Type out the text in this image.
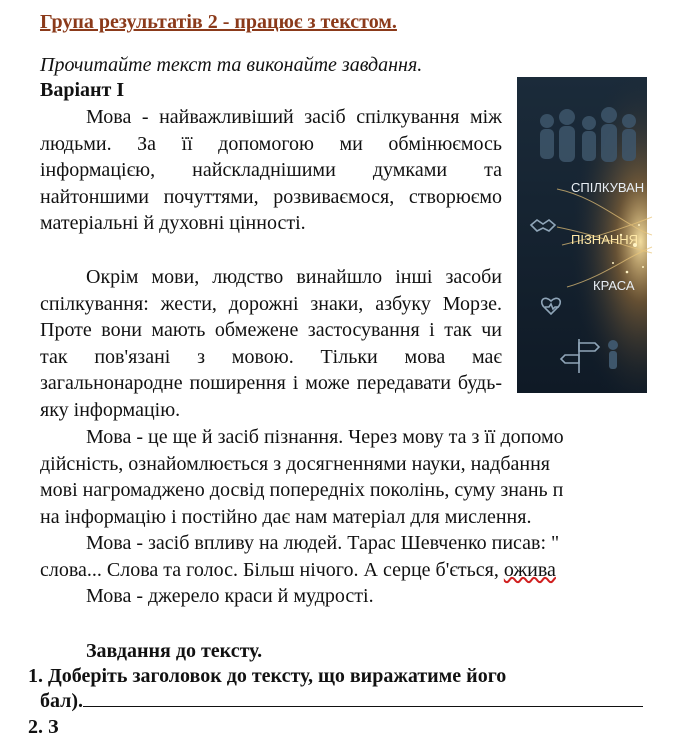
Група результатів 2 - працює з текстом.
Прочитайте текст та виконайте завдання.
Варіант І

Мова - найважливіший засіб спілкування між людьми. За її допомогою ми обмінюємось інформацією, найскладнішими думками та найтоншими почуттями, розвиваємося, створюємо матеріальні й духовні цінності.

Окрім мови, людство винайшло інші засоби спілкування: жести, дорожні знаки, азбуку Морзе. Проте вони мають обмежене застосування і так чи так пов'язані з мовою. Тільки мова має загальнонародне поширення і може передавати будь-яку інформацію.

Мова - це ще й засіб пізнання. Через мову та з її допомо
дійсність, ознайомлюється з досягненнями науки, надбання
мові нагромаджено досвід попередніх поколінь, суму знань п
на інформацію і постійно дає нам матеріал для мислення.
Мова - засіб впливу на людей. Тарас Шевченко писав: "
слова... Слова та голос. Більш нічого. А серце б'ється, ожива
Мова - джерело краси й мудрості.
Завдання до тексту.
1. Доберіть заголовок до тексту, що виражатиме його
бал).
2. З
СПІЛКУВАН
ПІЗНАННЯ
КРАСА
